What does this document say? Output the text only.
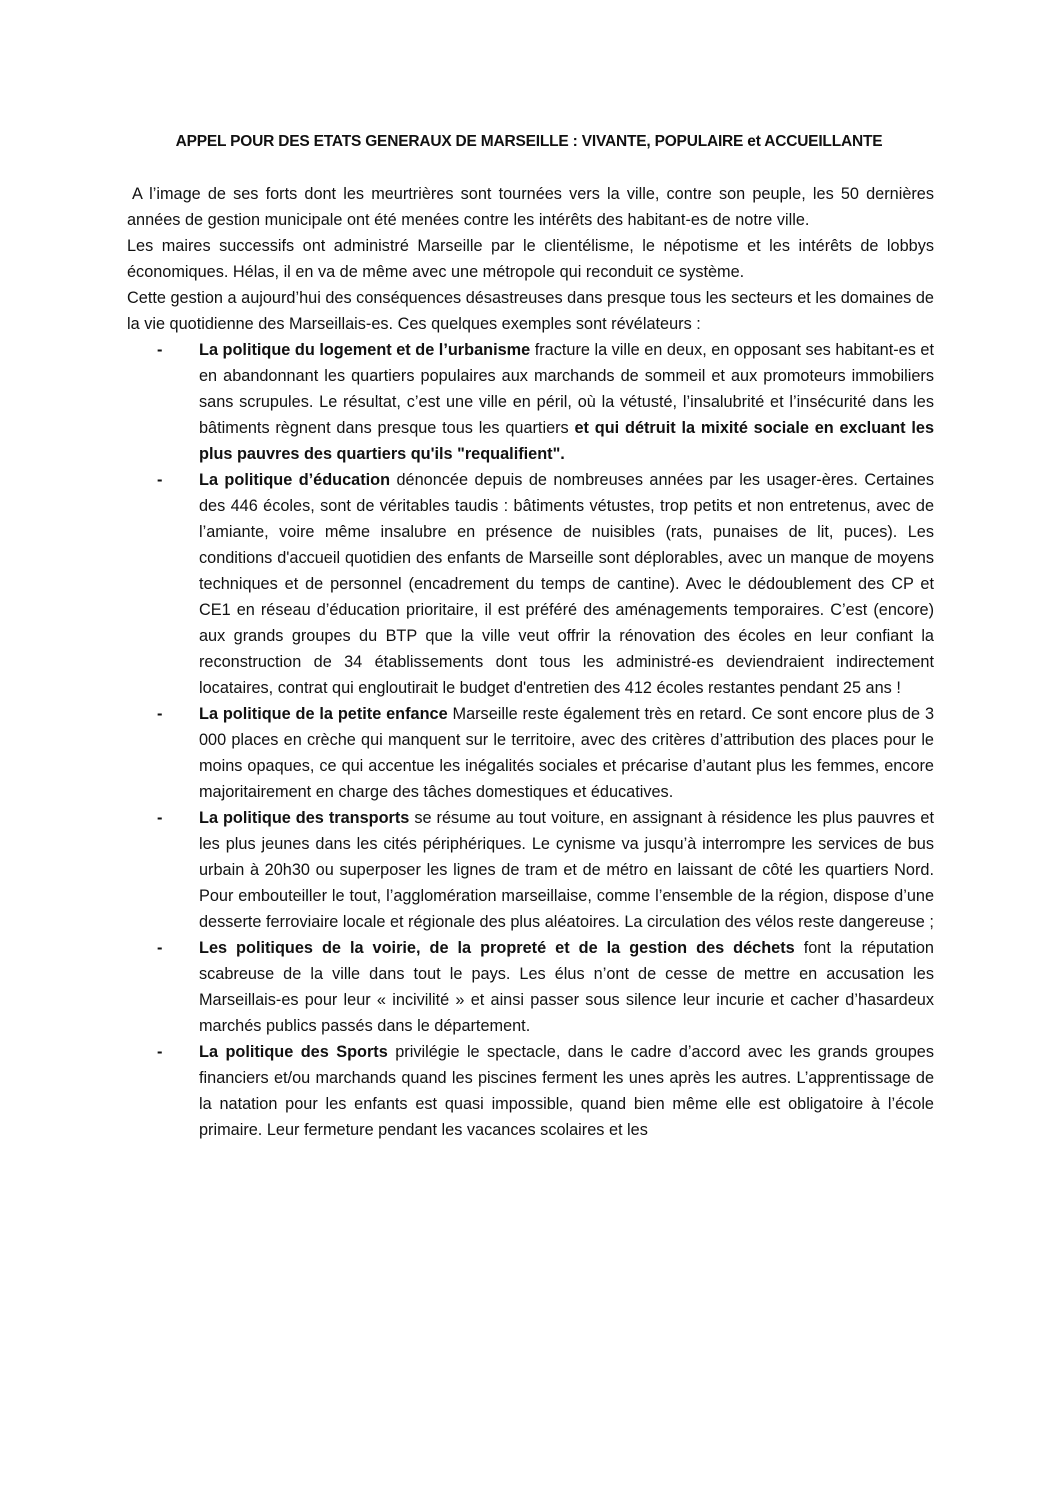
APPEL POUR DES ETATS GENERAUX DE MARSEILLE : VIVANTE, POPULAIRE et ACCUEILLANTE

A l’image de ses forts dont les meurtrières sont tournées vers la ville, contre son peuple, les 50 dernières années de gestion municipale ont été menées contre les intérêts des habitant-es de notre ville.

Les maires successifs ont administré Marseille par le clientélisme, le népotisme et les intérêts de lobbys économiques. Hélas, il en va de même avec une métropole qui reconduit ce système.

Cette gestion a aujourd’hui des conséquences désastreuses dans presque tous les secteurs et les domaines de la vie quotidienne des Marseillais-es. Ces quelques exemples sont révélateurs :

- La politique du logement et de l’urbanisme fracture la ville en deux, en opposant ses habitant-es et en abandonnant les quartiers populaires aux marchands de sommeil et aux promoteurs immobiliers sans scrupules. Le résultat, c’est une ville en péril, où la vétusté, l’insalubrité et l’insécurité dans les bâtiments règnent dans presque tous les quartiers et qui détruit la mixité sociale en excluant les plus pauvres des quartiers qu'ils "requalifient".
- La politique d’éducation dénoncée depuis de nombreuses années par les usager-ères. Certaines des 446 écoles, sont de véritables taudis : bâtiments vétustes, trop petits et non entretenus, avec de l’amiante, voire même insalubre en présence de nuisibles (rats, punaises de lit, puces). Les conditions d'accueil quotidien des enfants de Marseille sont déplorables, avec un manque de moyens techniques et de personnel (encadrement du temps de cantine). Avec le dédoublement des CP et CE1 en réseau d’éducation prioritaire, il est préféré des aménagements temporaires. C’est (encore) aux grands groupes du BTP que la ville veut offrir la rénovation des écoles en leur confiant la reconstruction de 34 établissements dont tous les administré-es deviendraient indirectement locataires, contrat qui engloutirait le budget d'entretien des 412 écoles restantes pendant 25 ans !
- La politique de la petite enfance Marseille reste également très en retard. Ce sont encore plus de 3 000 places en crèche qui manquent sur le territoire, avec des critères d’attribution des places pour le moins opaques, ce qui accentue les inégalités sociales et précarise d’autant plus les femmes, encore majoritairement en charge des tâches domestiques et éducatives.
- La politique des transports se résume au tout voiture, en assignant à résidence les plus pauvres et les plus jeunes dans les cités périphériques. Le cynisme va jusqu’à interrompre les services de bus urbain à 20h30 ou superposer les lignes de tram et de métro en laissant de côté les quartiers Nord. Pour embouteiller le tout, l’agglomération marseillaise, comme l’ensemble de la région, dispose d’une desserte ferroviaire locale et régionale des plus aléatoires. La circulation des vélos reste dangereuse ;
- Les politiques de la voirie, de la propreté et de la gestion des déchets font la réputation scabreuse de la ville dans tout le pays. Les élus n’ont de cesse de mettre en accusation les Marseillais-es pour leur « incivilité » et ainsi passer sous silence leur incurie et cacher d’hasardeux marchés publics passés dans le département.
- La politique des Sports privilégie le spectacle, dans le cadre d’accord avec les grands groupes financiers et/ou marchands quand les piscines ferment les unes après les autres. L’apprentissage de la natation pour les enfants est quasi impossible, quand bien même elle est obligatoire à l’école primaire. Leur fermeture pendant les vacances scolaires et les
